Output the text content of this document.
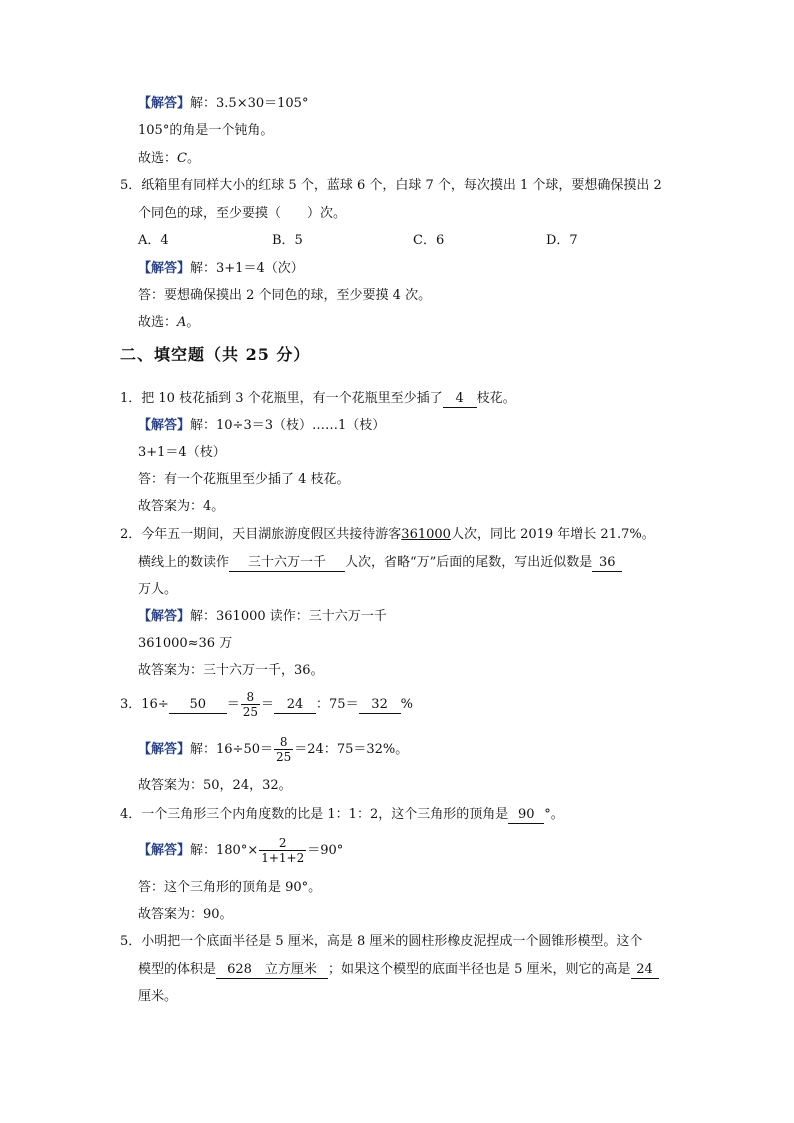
【解答】解：3.5×30＝105°
105°的角是一个钝角。
故选：C。
5．纸箱里有同样大小的红球 5 个，蓝球 6 个，白球 7 个，每次摸出 1 个球，要想确保摸出 2
个同色的球，至少要摸（　　）次。
A．4	B．5	C．6	D．7
【解答】解：3+1＝4（次）
答：要想确保摸出 2 个同色的球，至少要摸 4 次。
故选：A。
二、填空题（共 25 分）
1．把 10 枝花插到 3 个花瓶里，有一个花瓶里至少插了 4 枝花。
【解答】解：10÷3＝3（枝）……1（枝）
3+1＝4（枝）
答：有一个花瓶里至少插了 4 枝花。
故答案为：4。
2．今年五一期间，天目湖旅游度假区共接待游客361000人次，同比 2019 年增长 21.7%。
横线上的数读作 三十六万一千 人次，省略“万”后面的尾数，写出近似数是 36
万人。
【解答】解：361000 读作：三十六万一千
361000≈36 万
故答案为：三十六万一千，36。
3．$16\div 50 = \frac{8}{25} = 24$ ：75＝ 32 %
【解答】解：$16\div 50= \frac{8}{25} =24$：75＝32%。
故答案为：50，24，32。
4．一个三角形三个内角度数的比是 1：1：2，这个三角形的顶角是 90 °。
【解答】解：$180^\circ\times \frac{2}{1+1+2} =90^\circ$
答：这个三角形的顶角是 90°。
故答案为：90。
5．小明把一个底面半径是 5 厘米，高是 8 厘米的圆柱形橡皮泥捏成一个圆锥形模型。这个
模型的体积是 628　立方厘米 ；如果这个模型的底面半径也是 5 厘米，则它的高是 24
厘米。
